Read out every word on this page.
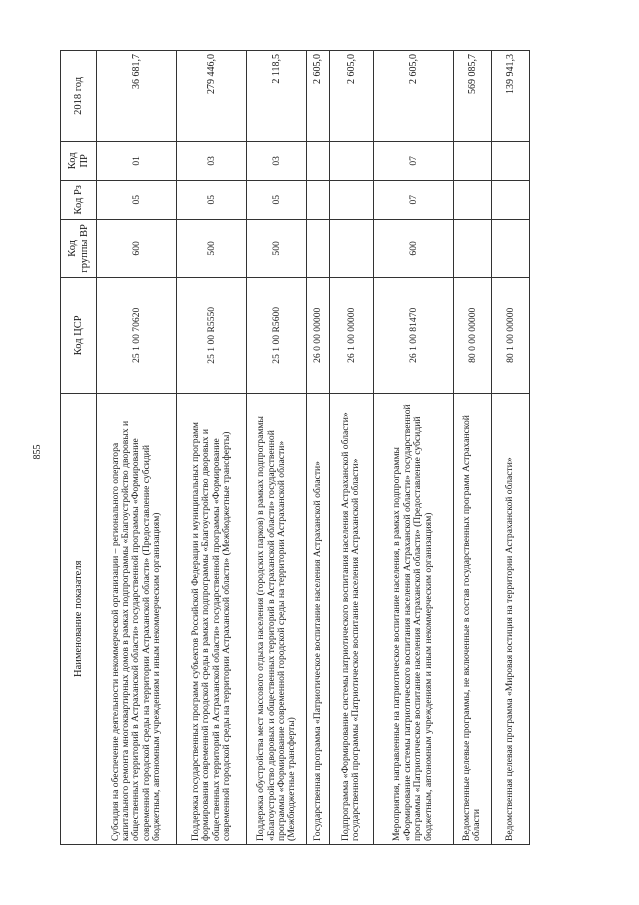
855
Наименование показателя	Код ЦСР	Код группы ВР	Код Рз	Код ПР	2018 год
Субсидия на обеспечение деятельности некоммерческой организации – регионального оператора капитального ремонта многоквартирных домов в рамках подпрограммы «Благоустройство дворовых и общественных территорий в Астраханской области» государственной программы «Формирование современной городской среды на территории Астраханской области» (Предоставление субсидий бюджетным, автономным учреждениям и иным некоммерческим организациям)	25 1 00 70620	600	05	01	36 681,7
Поддержка государственных программ субъектов Российской Федерации и муниципальных программ формирования современной городской среды в рамках подпрограммы «Благоустройство дворовых и общественных территорий в Астраханской области» государственной программы «Формирование современной городской среды на территории Астраханской области» (Межбюджетные трансферты)	25 1 00 R5550	500	05	03	279 446,0
Поддержка обустройства мест массового отдыха населения (городских парков) в рамках подпрограммы «Благоустройство дворовых и общественных территорий в Астраханской области» государственной программы «Формирование современной городской среды на территории Астраханской области» (Межбюджетные трансферты)	25 1 00 R5600	500	05	03	2 118,5
Государственная программа «Патриотическое воспитание населения Астраханской области»	26 0 00 00000				2 605,0
Подпрограмма «Формирование системы патриотического воспитания населения Астраханской области» государственной программы «Патриотическое воспитание населения Астраханской области»	26 1 00 00000				2 605,0
Мероприятия, направленные на патриотическое воспитание населения, в рамках подпрограммы «Формирование системы патриотического воспитания населения Астраханской области» государственной программы «Патриотическое воспитание населения Астраханской области» (Предоставление субсидий бюджетным, автономным учреждениям и иным некоммерческим организациям)	26 1 00 81470	600	07	07	2 605,0
Ведомственные целевые программы, не включенные в состав государственных программ Астраханской области	80 0 00 00000				569 085,7
Ведомственная целевая программа «Мировая юстиция на территории Астраханской области»	80 1 00 00000				139 941,3
